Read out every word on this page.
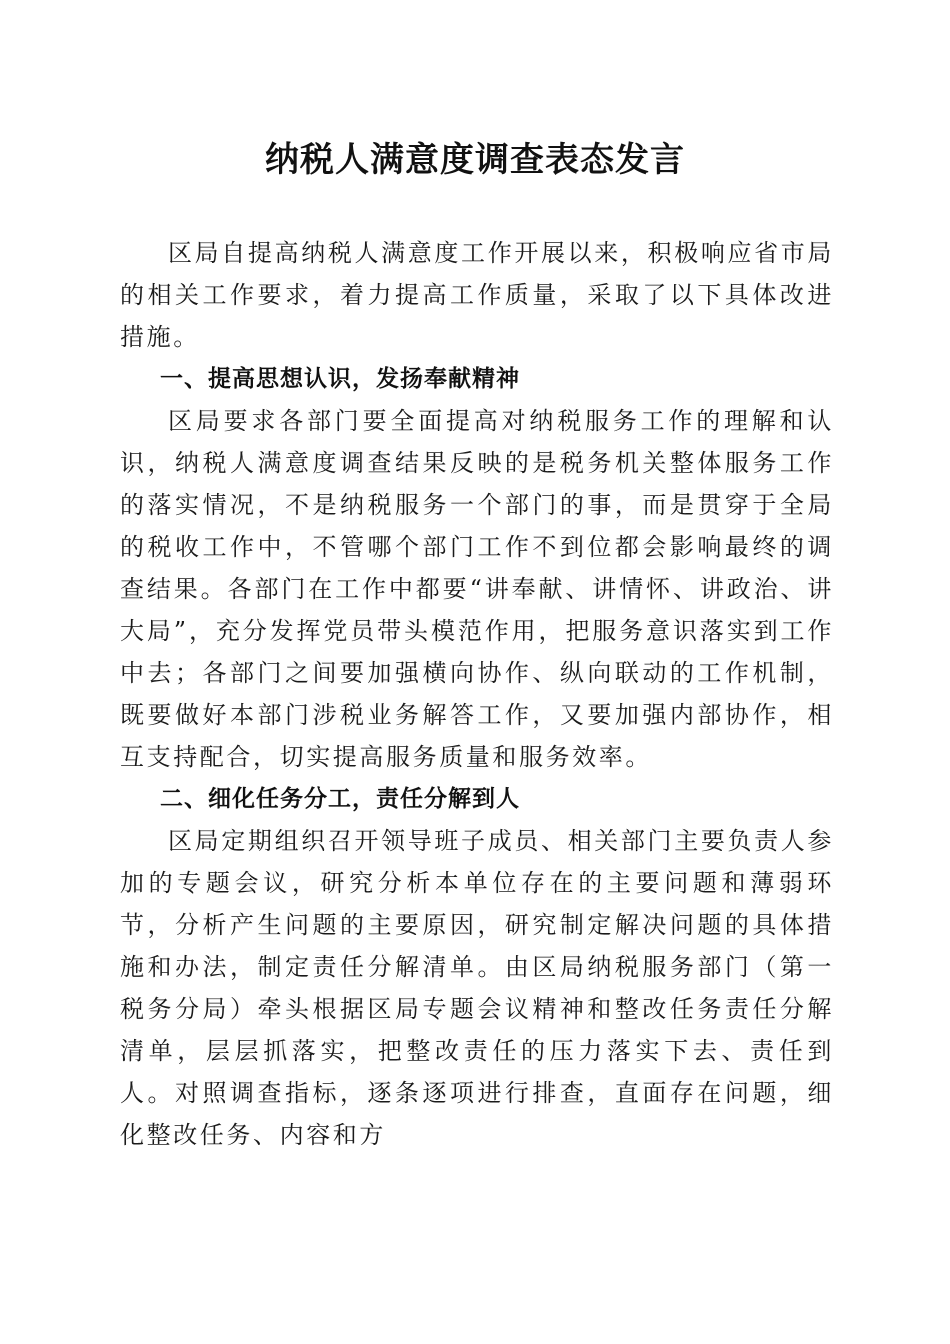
纳税人满意度调查表态发言

区局自提高纳税人满意度工作开展以来，积极响应省市局的相关工作要求，着力提高工作质量，采取了以下具体改进措施。

一、提高思想认识，发扬奉献精神

区局要求各部门要全面提高对纳税服务工作的理解和认识，纳税人满意度调查结果反映的是税务机关整体服务工作的落实情况，不是纳税服务一个部门的事，而是贯穿于全局的税收工作中，不管哪个部门工作不到位都会影响最终的调查结果。各部门在工作中都要“讲奉献、讲情怀、讲政治、讲大局”，充分发挥党员带头模范作用，把服务意识落实到工作中去；各部门之间要加强横向协作、纵向联动的工作机制，既要做好本部门涉税业务解答工作，又要加强内部协作，相互支持配合，切实提高服务质量和服务效率。

二、细化任务分工，责任分解到人

区局定期组织召开领导班子成员、相关部门主要负责人参加的专题会议，研究分析本单位存在的主要问题和薄弱环节，分析产生问题的主要原因，研究制定解决问题的具体措施和办法，制定责任分解清单。由区局纳税服务部门（第一税务分局）牵头根据区局专题会议精神和整改任务责任分解清单，层层抓落实，把整改责任的压力落实下去、责任到人。对照调查指标，逐条逐项进行排查，直面存在问题，细化整改任务、内容和方
